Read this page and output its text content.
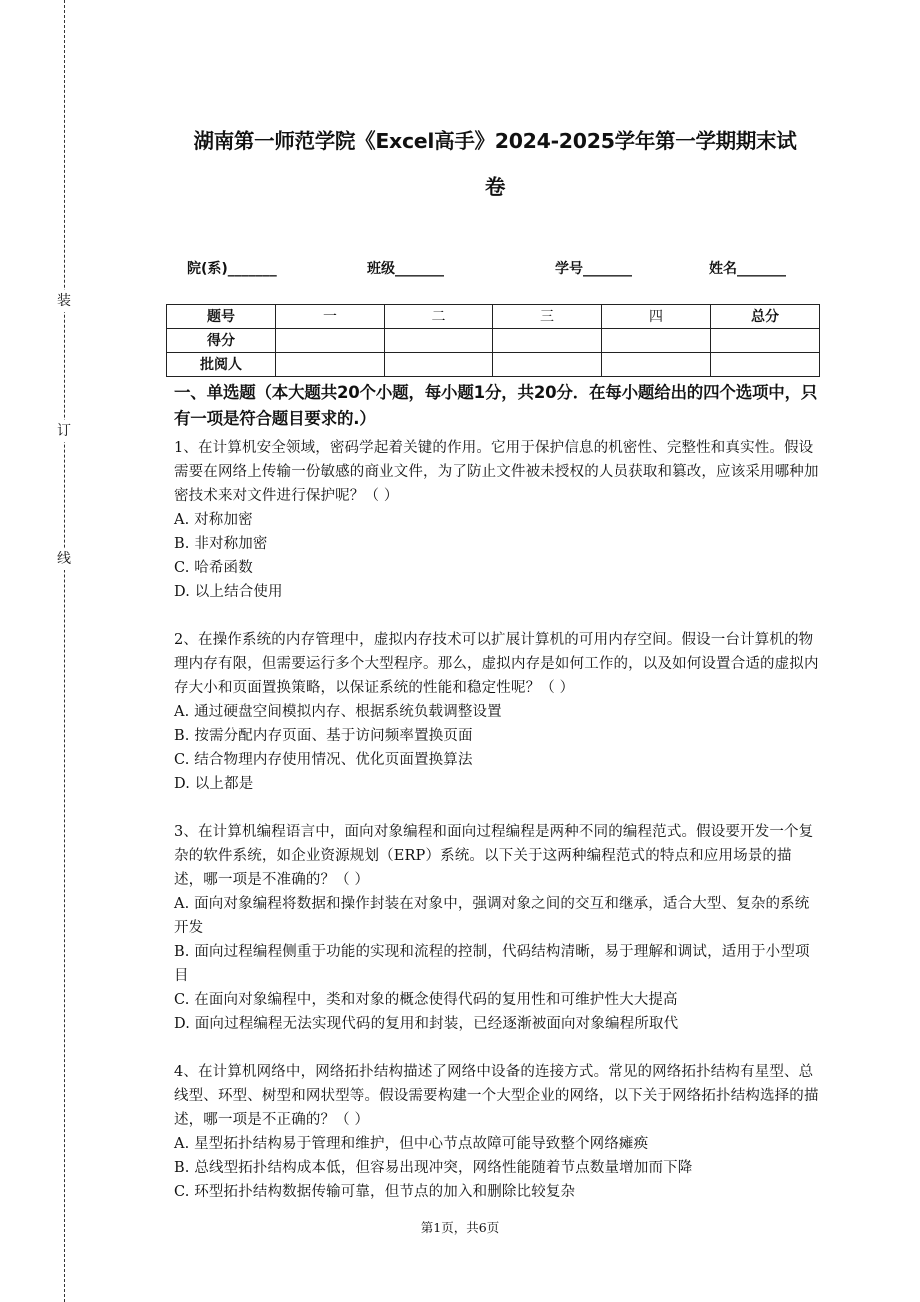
装
订
线
湖南第一师范学院《Excel高手》2024-2025学年第一学期期末试
卷
院(系)_______	班级_______	学号_______	姓名_______
题号	一	二	三	四	总分
得分					
批阅人					

一、单选题（本大题共20个小题，每小题1分，共20分．在每小题给出的四个选项中，只有一项是符合题目要求的.）

1、在计算机安全领域，密码学起着关键的作用。它用于保护信息的机密性、完整性和真实性。假设需要在网络上传输一份敏感的商业文件，为了防止文件被未授权的人员获取和篡改，应该采用哪种加密技术来对文件进行保护呢？（ ）

A. 对称加密

B. 非对称加密

C. 哈希函数

D. 以上结合使用

2、在操作系统的内存管理中，虚拟内存技术可以扩展计算机的可用内存空间。假设一台计算机的物理内存有限，但需要运行多个大型程序。那么，虚拟内存是如何工作的，以及如何设置合适的虚拟内存大小和页面置换策略，以保证系统的性能和稳定性呢？（ ）

A. 通过硬盘空间模拟内存、根据系统负载调整设置

B. 按需分配内存页面、基于访问频率置换页面

C. 结合物理内存使用情况、优化页面置换算法

D. 以上都是

3、在计算机编程语言中，面向对象编程和面向过程编程是两种不同的编程范式。假设要开发一个复杂的软件系统，如企业资源规划（ERP）系统。以下关于这两种编程范式的特点和应用场景的描述，哪一项是不准确的？（ ）

A. 面向对象编程将数据和操作封装在对象中，强调对象之间的交互和继承，适合大型、复杂的系统开发

B. 面向过程编程侧重于功能的实现和流程的控制，代码结构清晰，易于理解和调试，适用于小型项目

C. 在面向对象编程中，类和对象的概念使得代码的复用性和可维护性大大提高

D. 面向过程编程无法实现代码的复用和封装，已经逐渐被面向对象编程所取代

4、在计算机网络中，网络拓扑结构描述了网络中设备的连接方式。常见的网络拓扑结构有星型、总线型、环型、树型和网状型等。假设需要构建一个大型企业的网络，以下关于网络拓扑结构选择的描述，哪一项是不正确的？（ ）

A. 星型拓扑结构易于管理和维护，但中心节点故障可能导致整个网络瘫痪

B. 总线型拓扑结构成本低，但容易出现冲突，网络性能随着节点数量增加而下降

C. 环型拓扑结构数据传输可靠，但节点的加入和删除比较复杂

第1页，共6页
